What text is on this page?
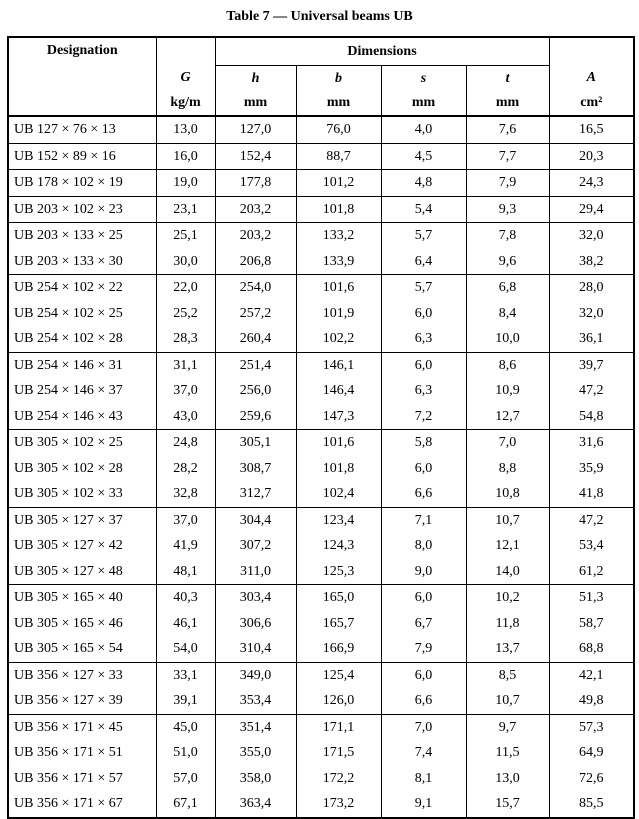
Table 7 — Universal beams UB
Designation		Dimensions				
	G	h	b	s	t	A
	kg/m	mm	mm	mm	mm	cm²
UB 127 × 76 × 13	13,0	127,0	76,0	4,0	7,6	16,5
UB 152 × 89 × 16	16,0	152,4	88,7	4,5	7,7	20,3
UB 178 × 102 × 19	19,0	177,8	101,2	4,8	7,9	24,3
UB 203 × 102 × 23	23,1	203,2	101,8	5,4	9,3	29,4
UB 203 × 133 × 25	25,1	203,2	133,2	5,7	7,8	32,0
UB 203 × 133 × 30	30,0	206,8	133,9	6,4	9,6	38,2
UB 254 × 102 × 22	22,0	254,0	101,6	5,7	6,8	28,0
UB 254 × 102 × 25	25,2	257,2	101,9	6,0	8,4	32,0
UB 254 × 102 × 28	28,3	260,4	102,2	6,3	10,0	36,1
UB 254 × 146 × 31	31,1	251,4	146,1	6,0	8,6	39,7
UB 254 × 146 × 37	37,0	256,0	146,4	6,3	10,9	47,2
UB 254 × 146 × 43	43,0	259,6	147,3	7,2	12,7	54,8
UB 305 × 102 × 25	24,8	305,1	101,6	5,8	7,0	31,6
UB 305 × 102 × 28	28,2	308,7	101,8	6,0	8,8	35,9
UB 305 × 102 × 33	32,8	312,7	102,4	6,6	10,8	41,8
UB 305 × 127 × 37	37,0	304,4	123,4	7,1	10,7	47,2
UB 305 × 127 × 42	41,9	307,2	124,3	8,0	12,1	53,4
UB 305 × 127 × 48	48,1	311,0	125,3	9,0	14,0	61,2
UB 305 × 165 × 40	40,3	303,4	165,0	6,0	10,2	51,3
UB 305 × 165 × 46	46,1	306,6	165,7	6,7	11,8	58,7
UB 305 × 165 × 54	54,0	310,4	166,9	7,9	13,7	68,8
UB 356 × 127 × 33	33,1	349,0	125,4	6,0	8,5	42,1
UB 356 × 127 × 39	39,1	353,4	126,0	6,6	10,7	49,8
UB 356 × 171 × 45	45,0	351,4	171,1	7,0	9,7	57,3
UB 356 × 171 × 51	51,0	355,0	171,5	7,4	11,5	64,9
UB 356 × 171 × 57	57,0	358,0	172,2	8,1	13,0	72,6
UB 356 × 171 × 67	67,1	363,4	173,2	9,1	15,7	85,5
